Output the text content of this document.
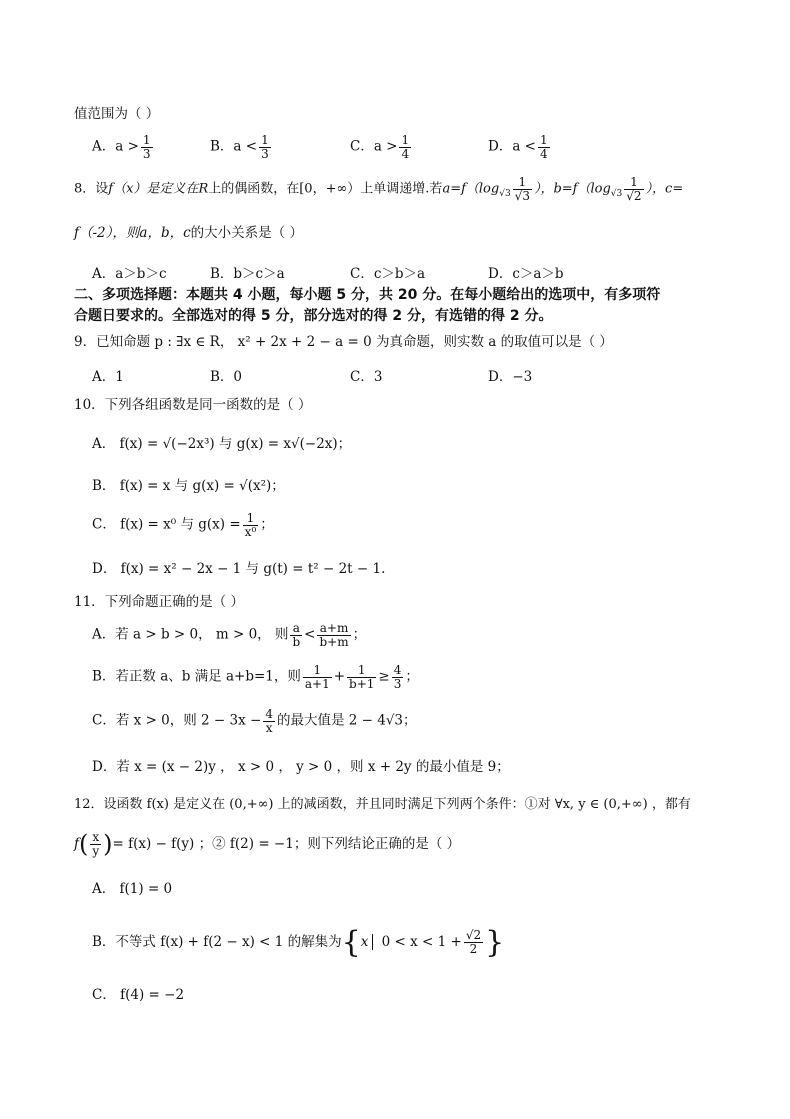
值范围为（ ）
A．$a > \frac{1}{3}$	B．$a < \frac{1}{3}$	C．$a > \frac{1}{4}$	D．$a < \frac{1}{4}$
8．设f（x）是定义在R上的偶函数，在[0，+∞）上单调递增.若$a=f(\log_{√3} \frac{1}{√3}$ ），$b=f(\log_{√3} \frac{1}{√2}$ ），c=
f（-2），则a，b，c的大小关系是（ ）
A．a＞b＞c	B．b＞c＞a	C．c＞b＞a	D．c＞a＞b
二、多项选择题：本题共 4 小题，每小题 5 分，共 20 分。在每小题给出的选项中，有多项符
合题日要求的。全部选对的得 5 分，部分选对的得 2 分，有选错的得 2 分。
9．已知命题 p : ∃x ∈ R， x² + 2x + 2 − a = 0 为真命题，则实数 a 的取值可以是（ ）
A．1	B．0	C．3	D．−3
10．下列各组函数是同一函数的是（ ）
A． f(x) = √(−2x³) 与 g(x) = x√(−2x)；
B． f(x) = x 与 g(x) = √(x²)；
C． f(x) = x⁰ 与 $g(x) = \frac{1}{\text{x⁰}}$ ；
D． f(x) = x² − 2x − 1 与 g(t) = t² − 2t − 1.
11．下列命题正确的是（ ）
A．若 a > b > 0， m > 0， 则 $\frac{a}{b} < \frac{a+m}{b+m}$ ；
B．若正数 a、b 满足 a+b=1，则 $\frac{1}{a+1} + \frac{1}{b+1} \ge \frac{4}{3}$ ；
C．若 x > 0，则 $2 - 3x - \frac{4}{x}$ 的最大值是 2 − 4√3；
D．若 x = (x − 2)y ， x > 0 ， y > 0 ，则 x + 2y 的最小值是 9；
12．设函数 f(x) 是定义在 (0,+∞) 上的减函数，并且同时满足下列两个条件：①对 ∀x, y ∈ (0,+∞) ，都有
$f( \frac{x}{y}$ )= f(x) − f(y) ；② f(2) = −1；则下列结论正确的是（ ）
A． f(1) = 0
B．不等式 f(x) + f(2 − x) < 1 的解集为{x $0 < x < 1 + \frac{√2}{2}$ }
C． f(4) = −2
